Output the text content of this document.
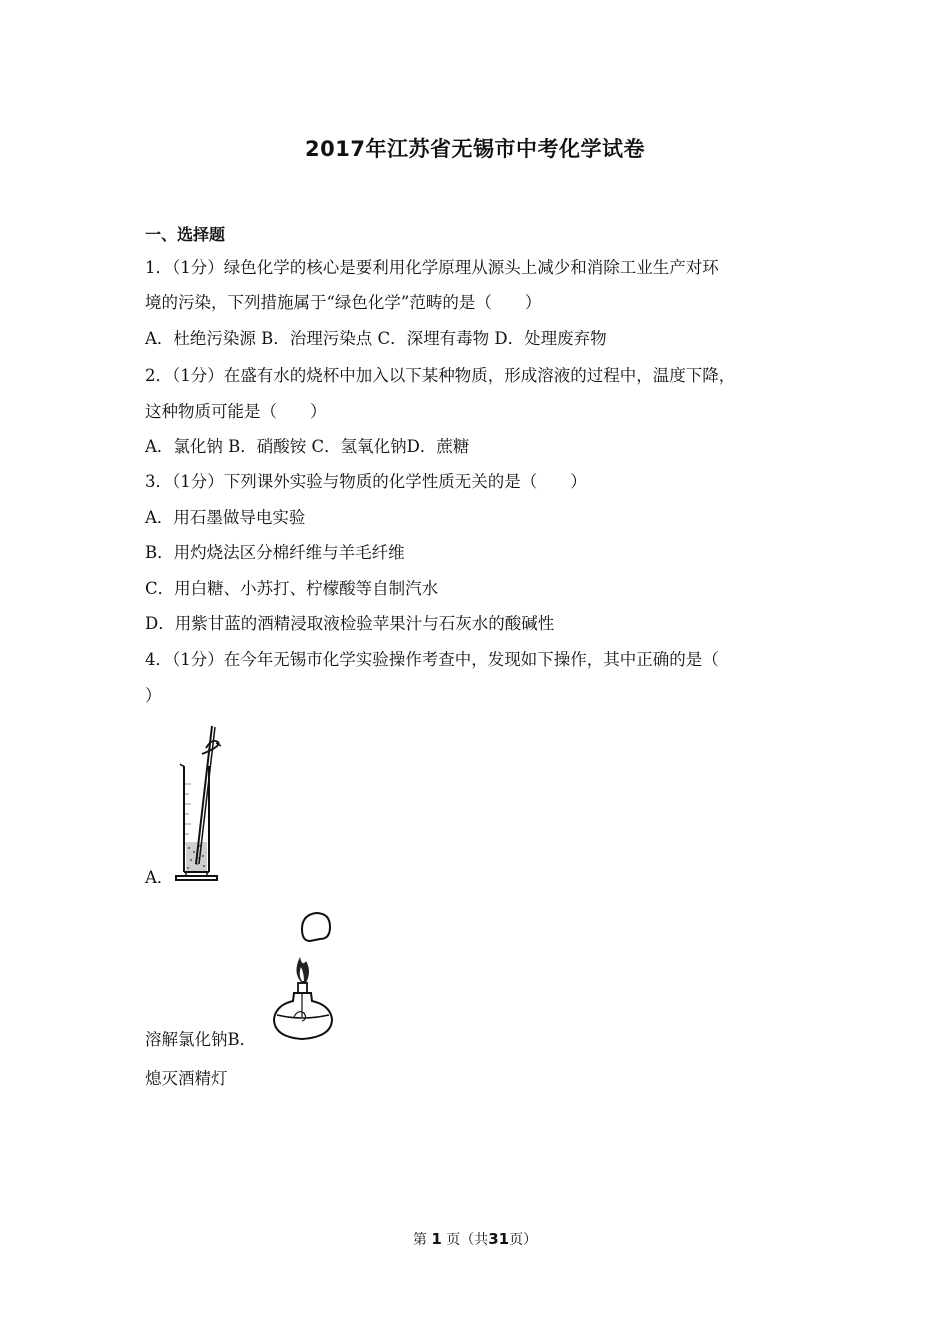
2017年江苏省无锡市中考化学试卷
一、选择题
1．（1分）绿色化学的核心是要利用化学原理从源头上减少和消除工业生产对环
境的污染，下列措施属于“绿色化学”范畴的是（　　）
A．杜绝污染源 B．治理污染点 C．深埋有毒物 D．处理废弃物
2．（1分）在盛有水的烧杯中加入以下某种物质，形成溶液的过程中，温度下降，
这种物质可能是（　　）
A．氯化钠 B．硝酸铵 C．氢氧化钠D．蔗糖
3．（1分）下列课外实验与物质的化学性质无关的是（　　）
A．用石墨做导电实验
B．用灼烧法区分棉纤维与羊毛纤维
C．用白糖、小苏打、柠檬酸等自制汽水
D．用紫甘蓝的酒精浸取液检验苹果汁与石灰水的酸碱性
4．（1分）在今年无锡市化学实验操作考查中，发现如下操作，其中正确的是（
）
A．
溶解氯化钠B．
熄灭酒精灯
第 1 页（共31页）
